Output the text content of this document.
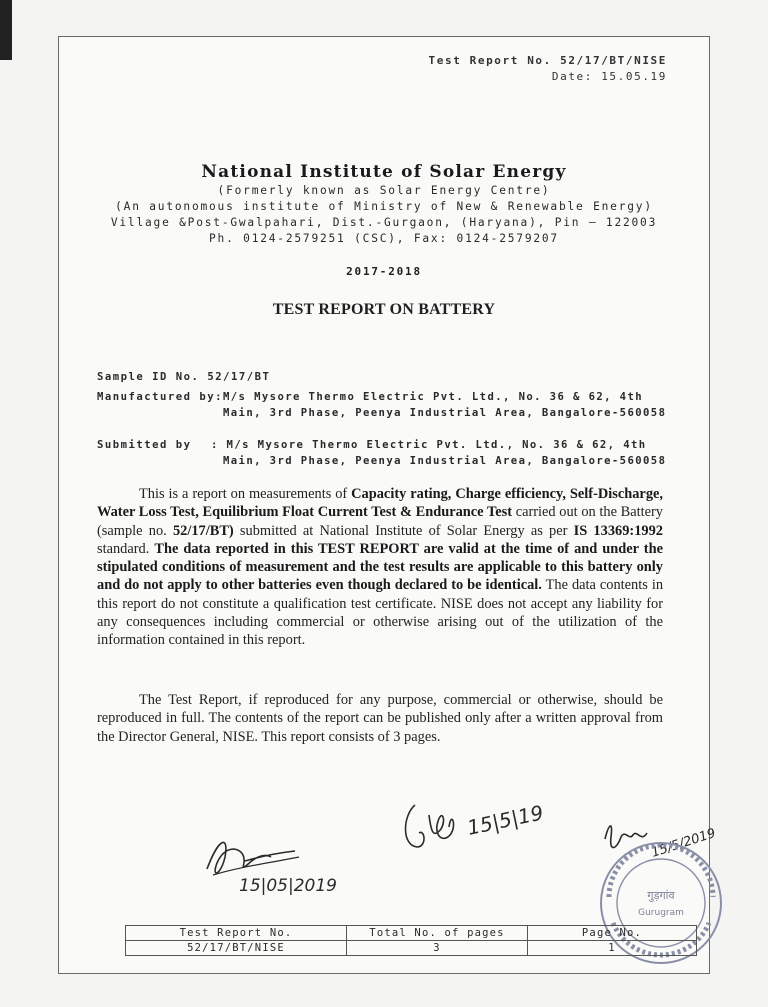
Test Report No. 52/17/BT/NISE
Date: 15.05.19
National Institute of Solar Energy
(Formerly known as Solar Energy Centre)
(An autonomous institute of Ministry of New & Renewable Energy)
Village &Post-Gwalpahari, Dist.-Gurgaon, (Haryana), Pin – 122003
Ph. 0124-2579251 (CSC), Fax: 0124-2579207
2017-2018
TEST REPORT ON BATTERY
Sample ID No. 52/17/BT
Manufactured by: M/s Mysore Thermo Electric Pvt. Ltd., No. 36 & 62, 4th
Main, 3rd Phase, Peenya Industrial Area, Bangalore-560058
Submitted by : M/s Mysore Thermo Electric Pvt. Ltd., No. 36 & 62, 4th
Main, 3rd Phase, Peenya Industrial Area, Bangalore-560058
This is a report on measurements of Capacity rating, Charge efficiency, Self-Discharge, Water Loss Test, Equilibrium Float Current Test & Endurance Test carried out on the Battery (sample no. 52/17/BT) submitted at National Institute of Solar Energy as per IS 13369:1992 standard. The data reported in this TEST REPORT are valid at the time of and under the stipulated conditions of measurement and the test results are applicable to this battery only and do not apply to other batteries even though declared to be identical. The data contents in this report do not constitute a qualification test certificate. NISE does not accept any liability for any consequences including commercial or otherwise arising out of the utilization of the information contained in this report.
The Test Report, if reproduced for any purpose, commercial or otherwise, should be reproduced in full. The contents of the report can be published only after a written approval from the Director General, NISE. This report consists of 3 pages.
15|05|2019
15|5|19
15/5/2019
गुड़गांव
Gurugram
Test Report No.	Total No. of pages	Page No.
52/17/BT/NISE	3	1
